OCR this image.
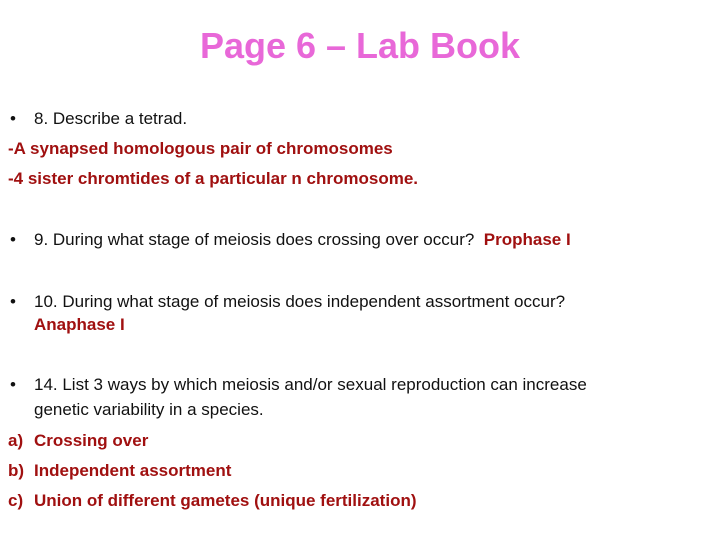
Page 6 – Lab Book
• 8. Describe a tetrad.
-A synapsed homologous pair of chromosomes
-4 sister chromtides of a particular n chromosome.
• 9. During what stage of meiosis does crossing over occur? Prophase I
• 10. During what stage of meiosis does independent assortment occur?
Anaphase I
• 14. List 3 ways by which meiosis and/or sexual reproduction can increase
genetic variability in a species.
a) Crossing over
b) Independent assortment
c) Union of different gametes (unique fertilization)
